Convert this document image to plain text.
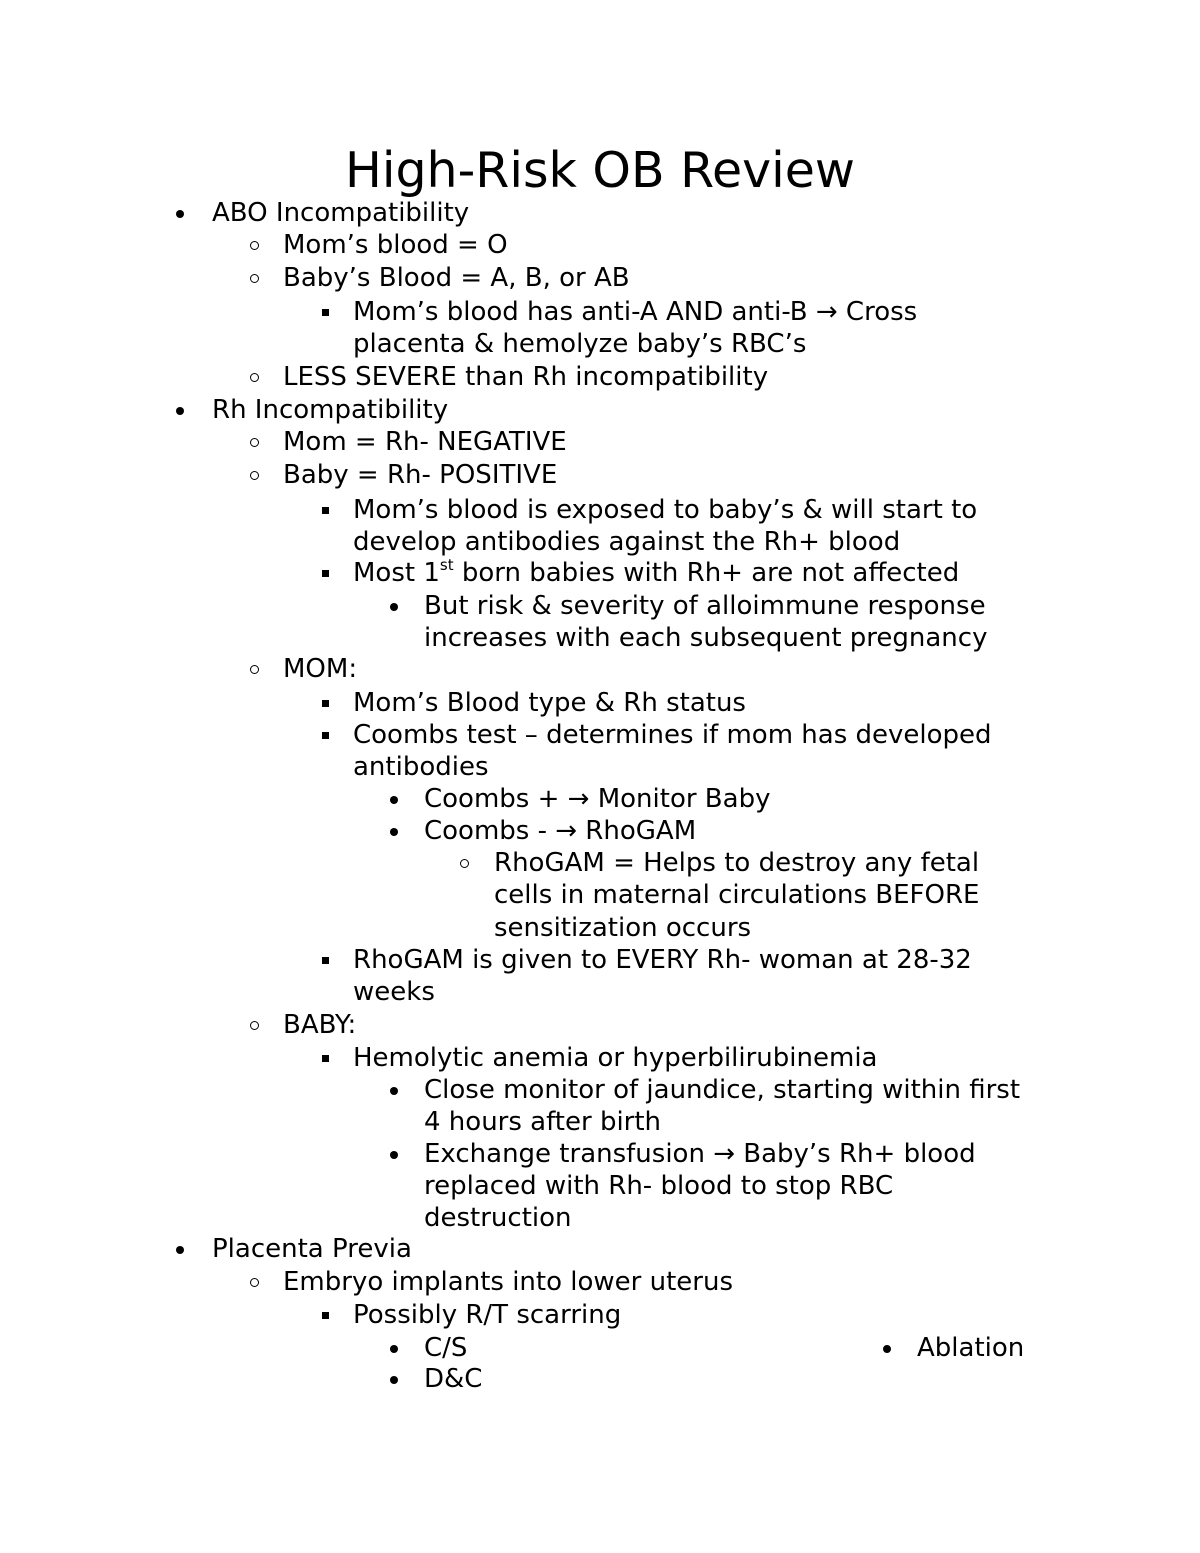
High-Risk OB Review
ABO Incompatibility
Mom’s blood = O
Baby’s Blood = A, B, or AB
Mom’s blood has anti-A AND anti-B → Cross
placenta & hemolyze baby’s RBC’s
LESS SEVERE than Rh incompatibility
Rh Incompatibility
Mom = Rh- NEGATIVE
Baby = Rh- POSITIVE
Mom’s blood is exposed to baby’s & will start to
develop antibodies against the Rh+ blood
Most 1st born babies with Rh+ are not affected
But risk & severity of alloimmune response
increases with each subsequent pregnancy
MOM:
Mom’s Blood type & Rh status
Coombs test – determines if mom has developed
antibodies
Coombs + → Monitor Baby
Coombs - → RhoGAM
RhoGAM = Helps to destroy any fetal
cells in maternal circulations BEFORE
sensitization occurs
RhoGAM is given to EVERY Rh- woman at 28-32
weeks
BABY:
Hemolytic anemia or hyperbilirubinemia
Close monitor of jaundice, starting within first
4 hours after birth
Exchange transfusion → Baby’s Rh+ blood
replaced with Rh- blood to stop RBC
destruction
Placenta Previa
Embryo implants into lower uterus
Possibly R/T scarring
C/S	Ablation
D&C
